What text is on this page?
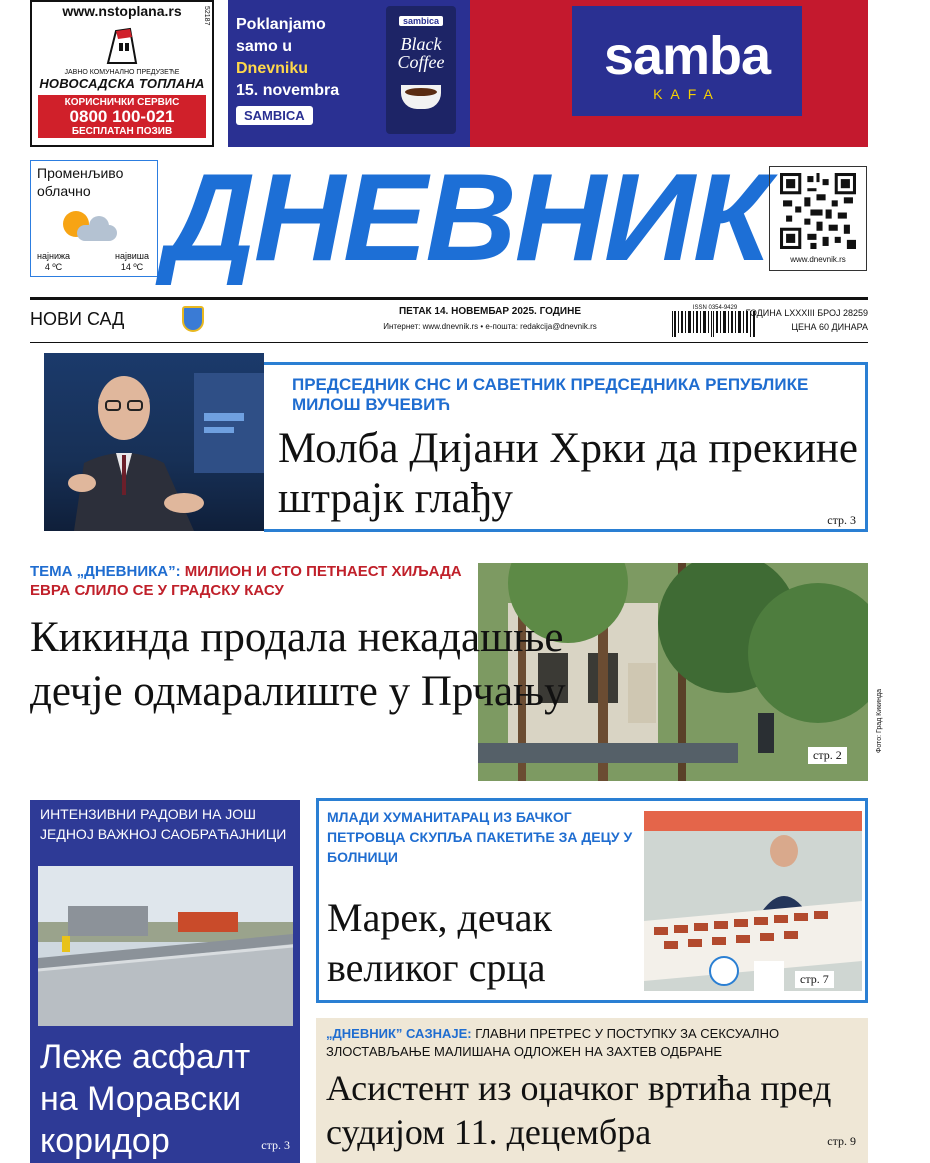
www.nstoplana.rs
ЈАВНО КОМУНАЛНО ПРЕДУЗЕЋЕ
НОВОСАДСКА ТОПЛАНА
КОРИСНИЧКИ СЕРВИС
0800 100-021
БЕСПЛАТАН ПОЗИВ
52187 Poklanjamo
samo u
Dnevniku
15. novembra
SAMBICA
sambica
Black Coffee	samba
KAFA
Променљиво облачно
најнижа
4 ºC
највиша
14 ºC ДНЕВНИК	www.dnevnik.rs
НОВИ САД	ПЕТАК 14. НОВЕМБАР 2025. ГОДИНЕ
Интернет: www.dnevnik.rs • е-пошта: redakcija@dnevnik.rs
ISSN 0354-9429 ГОДИНА LXXXIII БРОЈ 28259
ЦЕНА 60 ДИНАРА
ПРЕДСЕДНИК СНС И САВЕТНИК ПРЕДСЕДНИКА РЕПУБЛИКЕ МИЛОШ ВУЧЕВИЋ
Молба Дијани Хрки да прекине штрајк глађу	стр. 3
ТЕМА „ДНЕВНИКА”: МИЛИОН И СТО ПЕТНАЕСТ ХИЉАДА ЕВРА СЛИЛО СЕ У ГРАДСКУ КАСУ
Кикинда продала некадашње дечје одмаралиште у Прчању
стр. 2
Фото: Град Кикинда
ИНТЕНЗИВНИ РАДОВИ НА ЈОШ ЈЕДНОЈ ВАЖНОЈ САОБРАЋАЈНИЦИ
Леже асфалт на Моравски коридор	стр. 3
МЛАДИ ХУМАНИТАРАЦ ИЗ БАЧКОГ ПЕТРОВЦА СКУПЉА ПАКЕТИЋЕ ЗА ДЕЦУ У БОЛНИЦИ
Марек, дечак великог срца	стр. 7
„ДНЕВНИК” САЗНАЈЕ: ГЛАВНИ ПРЕТРЕС У ПОСТУПКУ ЗА СЕКСУАЛНО ЗЛОСТАВЉАЊЕ МАЛИШАНА ОДЛОЖЕН НА ЗАХТЕВ ОДБРАНЕ
Асистент из оџачког вртића пред судијом 11. децембра	стр. 9
